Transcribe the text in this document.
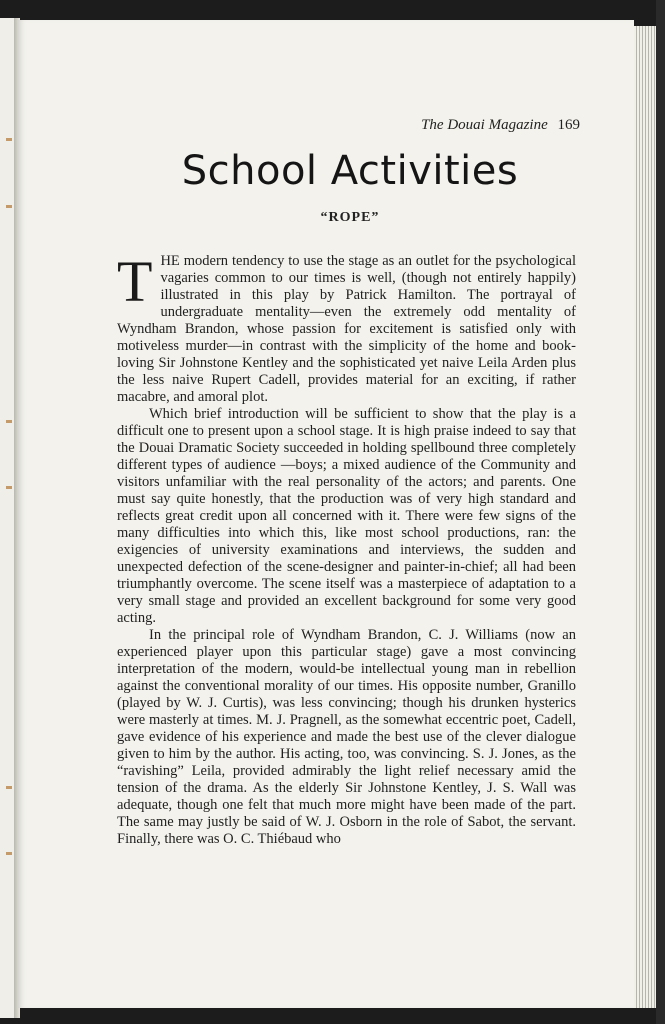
The Douai Magazine 169
School Activities
“ROPE”

THE modern tendency to use the stage as an outlet for the psychological vagaries common to our times is well, (though not entirely happily) illustrated in this play by Patrick Hamilton. The portrayal of undergraduate mentality—even the extremely odd mentality of Wyndham Brandon, whose passion for excitement is satisfied only with motiveless murder—in contrast with the simplicity of the home and book-loving Sir Johnstone Kentley and the sophisticated yet naive Leila Arden plus the less naive Rupert Cadell, provides material for an exciting, if rather macabre, and amoral plot.

Which brief introduction will be sufficient to show that the play is a difficult one to present upon a school stage. It is high praise indeed to say that the Douai Dramatic Society succeeded in holding spellbound three completely different types of audience —boys; a mixed audience of the Community and visitors unfamiliar with the real personality of the actors; and parents. One must say quite honestly, that the production was of very high standard and reflects great credit upon all concerned with it. There were few signs of the many difficulties into which this, like most school productions, ran: the exigencies of university examinations and interviews, the sudden and unexpected defection of the scene-designer and painter-in-chief; all had been triumphantly overcome. The scene itself was a masterpiece of adaptation to a very small stage and provided an excellent background for some very good acting.

In the principal role of Wyndham Brandon, C. J. Williams (now an experienced player upon this particular stage) gave a most convincing interpretation of the modern, would-be intellectual young man in rebellion against the conventional morality of our times. His opposite number, Granillo (played by W. J. Curtis), was less convincing; though his drunken hysterics were masterly at times. M. J. Pragnell, as the somewhat eccentric poet, Cadell, gave evidence of his experience and made the best use of the clever dialogue given to him by the author. His acting, too, was convincing. S. J. Jones, as the “ravishing” Leila, provided admirably the light relief necessary amid the tension of the drama. As the elderly Sir Johnstone Kentley, J. S. Wall was adequate, though one felt that much more might have been made of the part. The same may justly be said of W. J. Osborn in the role of Sabot, the servant. Finally, there was O. C. Thiébaud who
